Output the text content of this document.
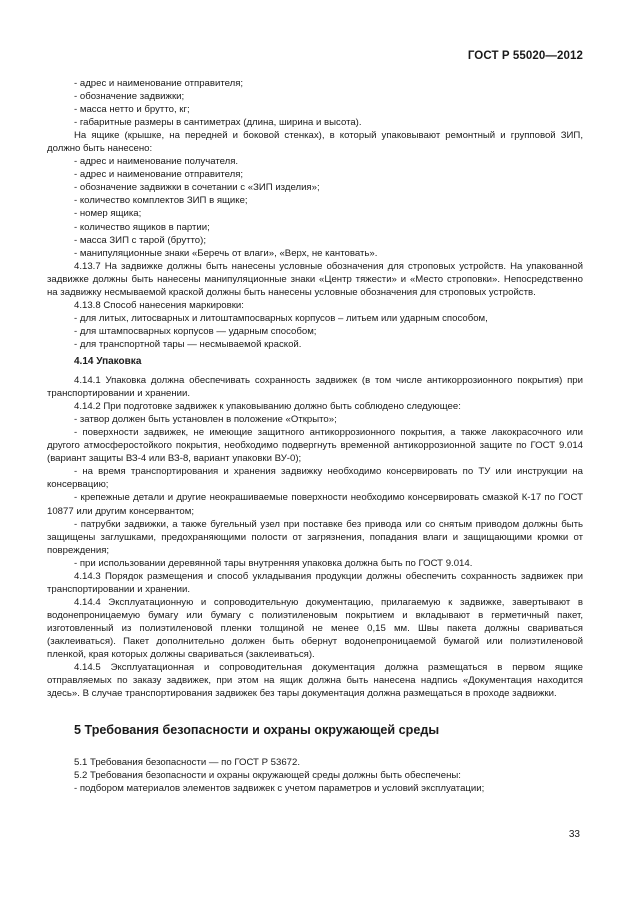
ГОСТ Р 55020—2012

- адрес и наименование отправителя;

- обозначение задвижки;

- масса нетто и брутто, кг;

- габаритные размеры в сантиметрах (длина, ширина и высота).

На ящике (крышке, на передней и боковой стенках), в который упаковывают ремонтный и групповой ЗИП, должно быть нанесено:

- адрес и наименование получателя.

- адрес и наименование отправителя;

- обозначение задвижки в сочетании с «ЗИП изделия»;

- количество комплектов ЗИП в ящике;

- номер ящика;

- количество ящиков в партии;

- масса ЗИП с тарой (брутто);

- манипуляционные знаки «Беречь от влаги», «Верх, не кантовать».

4.13.7 На задвижке должны быть нанесены условные обозначения для строповых устройств. На упакованной задвижке должны быть нанесены манипуляционные знаки «Центр тяжести» и «Место строповки». Непосредственно на задвижку несмываемой краской должны быть нанесены условные обозначения для строповых устройств.

4.13.8 Способ нанесения маркировки:

- для литых, литосварных и литоштампосварных корпусов – литьем или ударным способом,

- для штампосварных корпусов — ударным способом;

- для транспортной тары — несмываемой краской.

4.14 Упаковка

4.14.1 Упаковка должна обеспечивать сохранность задвижек (в том числе антикоррозионного покрытия) при транспортировании и хранении.

4.14.2 При подготовке задвижек к упаковыванию должно быть соблюдено следующее:

- затвор должен быть установлен в положение «Открыто»;

- поверхности задвижек, не имеющие защитного антикоррозионного покрытия, а также лакокрасочного или другого атмосферостойкого покрытия, необходимо подвергнуть временной антикоррозионной защите по ГОСТ 9.014 (вариант защиты ВЗ-4 или ВЗ-8, вариант упаковки ВУ-0);

- на время транспортирования и хранения задвижку необходимо консервировать по ТУ или инструкции на консервацию;

- крепежные детали и другие неокрашиваемые поверхности необходимо консервировать смазкой К-17 по ГОСТ 10877 или другим консервантом;

- патрубки задвижки, а также бугельный узел при поставке без привода или со снятым приводом должны быть защищены заглушками, предохраняющими полости от загрязнения, попадания влаги и защищающими кромки от повреждения;

- при использовании деревянной тары внутренняя упаковка должна быть по ГОСТ 9.014.

4.14.3 Порядок размещения и способ укладывания продукции должны обеспечить сохранность задвижек при транспортировании и хранении.

4.14.4 Эксплуатационную и сопроводительную документацию, прилагаемую к задвижке, завертывают в водонепроницаемую бумагу или бумагу с полиэтиленовым покрытием и вкладывают в герметичный пакет, изготовленный из полиэтиленовой пленки толщиной не менее 0,15 мм. Швы пакета должны свариваться (заклеиваться). Пакет дополнительно должен быть обернут водонепроницаемой бумагой или полиэтиленовой пленкой, края которых должны свариваться (заклеиваться).

4.14.5 Эксплуатационная и сопроводительная документация должна размещаться в первом ящике отправляемых по заказу задвижек, при этом на ящик должна быть нанесена надпись «Документация находится здесь». В случае транспортирования задвижек без тары документация должна размещаться в проходе задвижки.

5 Требования безопасности и охраны окружающей среды

5.1 Требования безопасности — по ГОСТ Р 53672.

5.2 Требования безопасности и охраны окружающей среды должны быть обеспечены:

- подбором материалов элементов задвижек с учетом параметров и условий эксплуатации;

33
